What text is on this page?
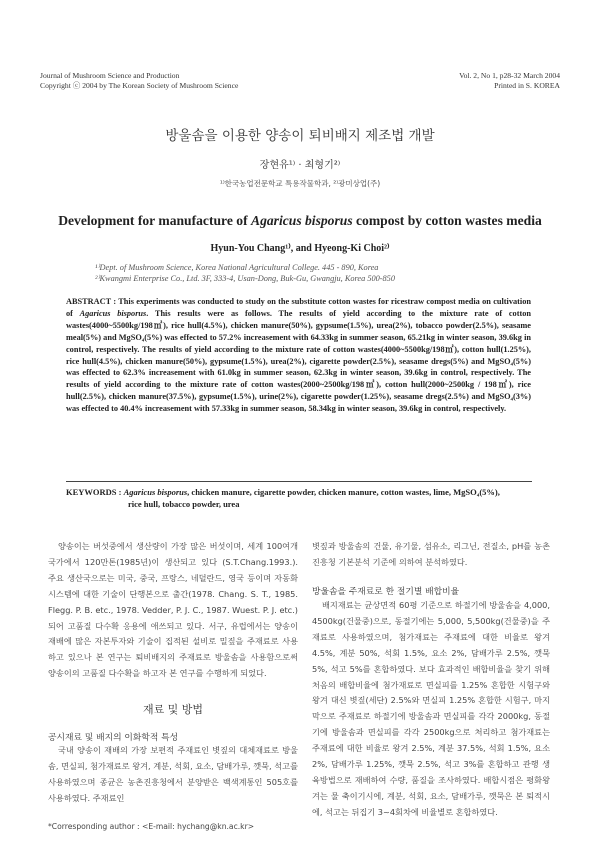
Journal of Mushroom Science and Production
Copyright ⓒ 2004 by The Korean Society of Mushroom Science
Vol. 2, No 1, p28-32 March 2004
Printed in S. KOREA
방울솜을 이용한 양송이 퇴비배지 제조법 개발
장현유¹⁾ · 최형기²⁾
¹⁾한국농업전문학교 특용작물학과, ²⁾광미상업(주)
Development for manufacture of Agaricus bisporus compost by cotton wastes media
Hyun-You Chang¹⁾, and Hyeong-Ki Choi²⁾
¹⁾Dept. of Mushroom Science, Korea National Agricultural College. 445 - 890, Korea
²⁾Kwangmi Enterprise Co., Ltd. 3F, 333-4, Usan-Dong, Buk-Gu, Gwangju, Korea 500-850

ABSTRACT : This experiments was conducted to study on the substitute cotton wastes for ricestraw compost media on cultivation of Agaricus bisporus. This results were as follows. The results of yield according to the mixture rate of cotton wastes(4000~5500kg/198㎡), rice hull(4.5%), chicken manure(50%), gypsume(1.5%), urea(2%), tobacco powder(2.5%), seasame meal(5%) and MgSO₄(5%) was effected to 57.2% increasement with 64.33kg in summer season, 65.21kg in winter season, 39.6kg in control, respectively. The results of yield according to the mixture rate of cotton wastes(4000~5500kg/198㎡), cotton hull(1.25%), rice hull(4.5%), chicken manure(50%), gypsume(1.5%), urea(2%), cigarette powder(2.5%), seasame dregs(5%) and MgSO₄(5%) was effected to 62.3% increasement with 61.0kg in summer season, 62.3kg in winter season, 39.6kg in control, respectively. The results of yield according to the mixture rate of cotton wastes(2000~2500kg/198㎡), cotton hull(2000~2500kg / 198㎡), rice hull(2.5%), chicken manure(37.5%), gypsume(1.5%), urine(2%), cigarette powder(1.25%), seasame dregs(2.5%) and MgSO₄(3%) was effected to 40.4% increasement with 57.33kg in summer season, 58.34kg in winter season, 39.6kg in control, respectively.

KEYWORDS : Agaricus bisporus, chicken manure, cigarette powder, chicken manure, cotton wastes, lime, MgSO₄(5%),
rice hull, tobacco powder, urea

양송이는 버섯중에서 생산량이 가장 많은 버섯이며, 세계 100여개 국가에서 120만톤(1985년)이 생산되고 있다 (S.T.Chang.1993.). 주요 생산국으로는 미국, 중국, 프랑스, 네덜란드, 영국 등이며 자동화 시스템에 대한 기술이 단행본으로 출간(1978. Chang. S. T., 1985. Flegg. P. B. etc., 1978. Vedder, P. J. C., 1987. Wuest. P. J. etc.)되어 고품질 다수확 응용에 애쓰되고 있다. 서구, 유럽에서는 양송이 재배에 많은 자본투자와 기술이 집적된 설비로 밀짚을 주재료로 사용하고 있으나 본 연구는 퇴비배지의 주재료로 방울솜을 사용함으로써 양송이의 고품질 다수확을 하고자 본 연구를 수행하게 되었다.

재료 및 방법
공시재료 및 배지의 이화학적 특성

국내 양송이 재배의 가장 보편적 주재료인 볏짚의 대체재료로 방울솜, 면실피, 첨가재료로 왕겨, 계분, 석회, 요소, 담배가루, 깻묵, 석고를 사용하였으며 종균은 농촌진흥청에서 분양받은 백색계통인 505호를 사용하였다. 주재료인

*Corresponding author : <E-mail: hychang@kn.ac.kr>

볏짚과 방울솜의 건물, 유기물, 섬유소, 리그닌, 전질소, pH를 농촌진흥청 기본분석 기준에 의하여 분석하였다.

방울솜을 주재료로 한 절기별 배합비율

배지재료는 균상면적 60평 기준으로 하절기에 방울솜을 4,000, 4500kg(건물중)으로, 동절기에는 5,000, 5,500kg(건물중)을 주재료로 사용하였으며, 첨가재료는 주재료에 대한 비율로 왕겨 4.5%, 계분 50%, 석회 1.5%, 요소 2%, 담배가루 2.5%, 깻묵 5%, 석고 5%를 혼합하였다. 보다 효과적인 배합비율을 찾기 위해 처음의 배합비율에 첨가재료로 면실피를 1.25% 혼합한 시험구와 왕겨 대신 볏짚(세단) 2.5%와 면실피 1.25% 혼합한 시험구, 마지막으로 주재료로 하절기에 방울솜과 면실피를 각각 2000kg, 동절기에 방울솜과 면실피를 각각 2500kg으로 처리하고 첨가재료는 주재료에 대한 비율로 왕겨 2.5%, 계분 37.5%, 석회 1.5%, 요소 2%, 담배가루 1.25%, 깻묵 2.5%, 석고 3%를 혼합하고 관행 생육방법으로 재배하여 수량, 품질을 조사하였다. 배합시점은 평화왕겨는 물 축이기시에, 계분, 석회, 요소, 담배가루, 깻묵은 본 퇴적시에, 석고는 뒤집기 3~4회차에 비율별로 혼합하였다.
